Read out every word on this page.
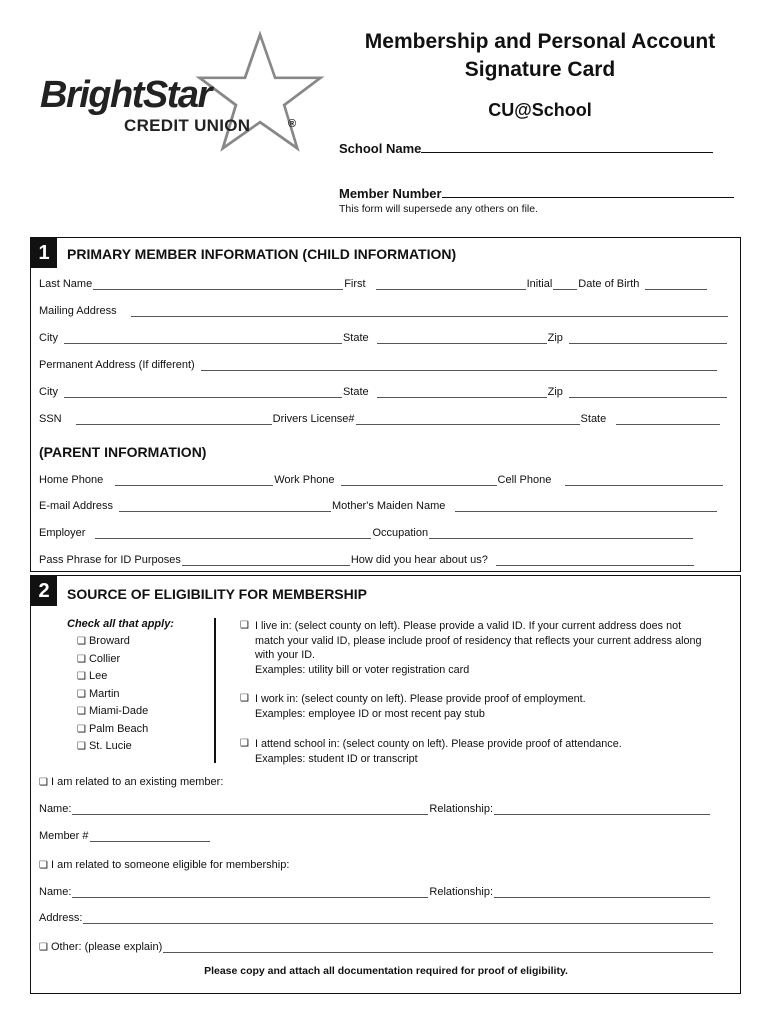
BrightStar
CREDIT UNION	®
Membership and Personal Account
Signature Card
CU@School
School Name
Member Number
This form will supersede any others on file.
1	PRIMARY MEMBER INFORMATION (CHILD INFORMATION)
Last Name	First	Initial Date of Birth
Mailing Address
City	State	Zip
Permanent Address (If different)
City	State	Zip
SSN	Drivers License#	State
(PARENT INFORMATION)
Home Phone	Work Phone	Cell Phone
E-mail Address	Mother's Maiden Name
Employer	Occupation
Pass Phrase for ID Purposes	How did you hear about us?
2	SOURCE OF ELIGIBILITY FOR MEMBERSHIP
Check all that apply:
❑ Broward
❑ Collier
❑ Lee
❑ Martin
❑ Miami-Dade
❑ Palm Beach
❑ St. Lucie
❑ I live in: (select county on left). Please provide a valid ID. If your current address does not match your valid ID, please include proof of residency that reflects your current address along with your ID.
Examples: utility bill or voter registration card
❑ I work in: (select county on left). Please provide proof of employment.
Examples: employee ID or most recent pay stub
❑ I attend school in: (select county on left). Please provide proof of attendance.
Examples: student ID or transcript
❑ I am related to an existing member:
Name:	Relationship:
Member #
❑ I am related to someone eligible for membership:
Name:	Relationship:
Address:
❑ Other: (please explain)
Please copy and attach all documentation required for proof of eligibility.
